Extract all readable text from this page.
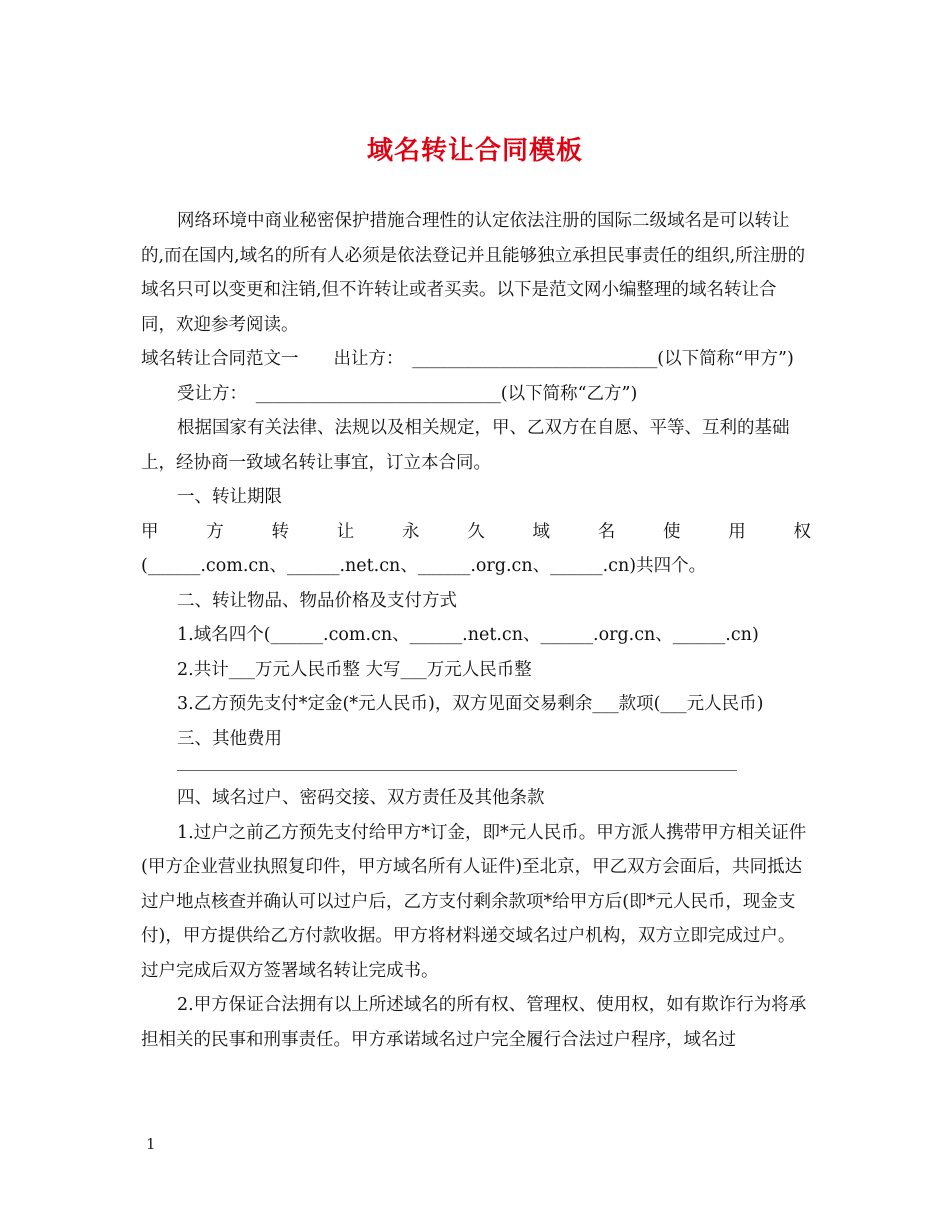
域名转让合同模板

网络环境中商业秘密保护措施合理性的认定依法注册的国际二级域名是可以转让的,而在国内,域名的所有人必须是依法登记并且能够独立承担民事责任的组织,所注册的域名只可以变更和注销,但不许转让或者买卖。以下是范文网小编整理的域名转让合同，欢迎参考阅读。

域名转让合同范文一　　出让方：　____________________________(以下简称“甲方”)

受让方：　____________________________(以下简称“乙方”)

根据国家有关法律、法规以及相关规定，甲、乙双方在自愿、平等、互利的基础上，经协商一致域名转让事宜，订立本合同。

一、转让期限

甲	方	转	让	永	久	域	名	使	用	权

(______.com.cn、______.net.cn、______.org.cn、______.cn)共四个。

二、转让物品、物品价格及支付方式

1.域名四个(______.com.cn、______.net.cn、______.org.cn、______.cn)

2.共计___万元人民币整 大写___万元人民币整

3.乙方预先支付*定金(*元人民币)，双方见面交易剩余___款项(___元人民币)

三、其他费用

四、域名过户、密码交接、双方责任及其他条款

1.过户之前乙方预先支付给甲方*订金，即*元人民币。甲方派人携带甲方相关证件(甲方企业营业执照复印件，甲方域名所有人证件)至北京，甲乙双方会面后，共同抵达过户地点核查并确认可以过户后，乙方支付剩余款项*给甲方后(即*元人民币，现金支付)，甲方提供给乙方付款收据。甲方将材料递交域名过户机构，双方立即完成过户。过户完成后双方签署域名转让完成书。

2.甲方保证合法拥有以上所述域名的所有权、管理权、使用权，如有欺诈行为将承担相关的民事和刑事责任。甲方承诺域名过户完全履行合法过户程序，域名过

1
